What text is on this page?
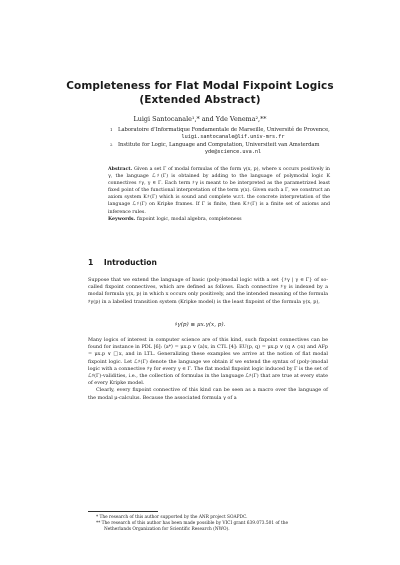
Completeness for Flat Modal Fixpoint Logics
(Extended Abstract)
Luigi Santocanale¹,* and Yde Venema²,**
1 Laboratoire d’Informatique Fondamentale de Marseille, Université de Provence,
luigi.santocanale@lif.univ-mrs.fr
2 Institute for Logic, Language and Computation, Universiteit van Amsterdam
yde@science.uva.nl
Abstract. Given a set Γ of modal formulas of the form γ(x, p), where x occurs positively in γ, the language ℒ♯(Γ) is obtained by adding to the language of polymodal logic K connectives ♯γ, γ ∈ Γ. Each term ♯γ is meant to be interpreted as the parametrized least fixed point of the functional interpretation of the term γ(x). Given such a Γ, we construct an axiom system K♯(Γ) which is sound and complete w.r.t. the concrete interpretation of the language ℒ♯(Γ) on Kripke frames. If Γ is finite, then K♯(Γ) is a finite set of axioms and inference rules.
Keywords. fixpoint logic, modal algebra, completeness
1 Introduction

Suppose that we extend the language of basic (poly-)modal logic with a set {♯γ | γ ∈ Γ} of so-called fixpoint connectives, which are defined as follows. Each connective ♯γ is indexed by a modal formula γ(x, p) in which x occurs only positively, and the intended meaning of the formula ♯γ(p) in a labelled transition system (Kripke model) is the least fixpoint of the formula γ(x, p),

♯γ(p) ≡ μx.γ(x, p).

Many logics of interest in computer science are of this kind, such fixpoint connectives can be found for instance in PDL [6]: ⟨a*⟩ = μx.p ∨ ⟨a⟩x, in CTL [4]: EU(p, q) = μx.p ∨ (q ∧ ◇x) and AFp = μx.p ∨ □x, and in LTL. Generalizing these examples we arrive at the notion of flat modal fixpoint logic. Let ℒ♯(Γ) denote the language we obtain if we extend the syntax of (poly-)modal logic with a connective ♯γ for every γ ∈ Γ. The flat modal fixpoint logic induced by Γ is the set of ℒ♯(Γ)-validities, i.e., the collection of formulas in the language ℒ♯(Γ) that are true at every state of every Kripke model.

Clearly, every fixpoint connective of this kind can be seen as a macro over the language of the modal μ-calculus. Because the associated formula γ of a

* The research of this author supported by the ANR project SOAPDC.
** The research of this author has been made possible by VICI grant 639.073.501 of the
Netherlands Organization for Scientific Research (NWO).
